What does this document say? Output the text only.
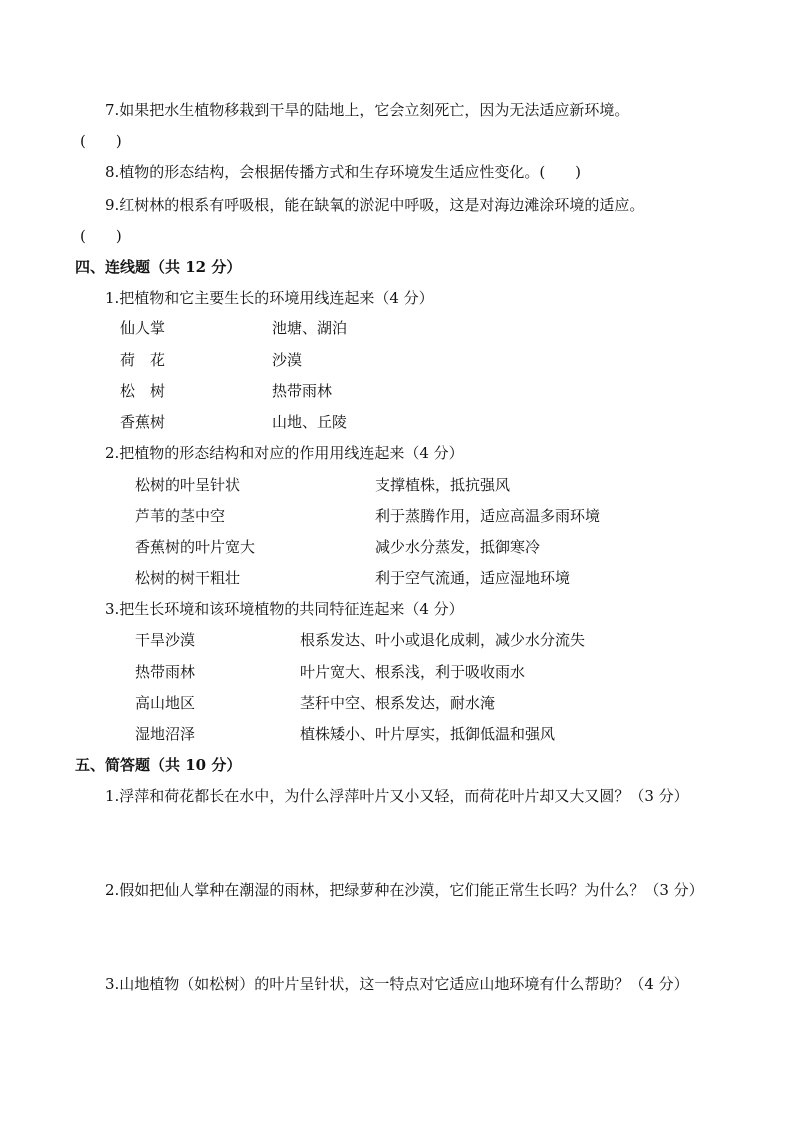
7.如果把水生植物移栽到干旱的陆地上，它会立刻死亡，因为无法适应新环境。
(　　)
8.植物的形态结构，会根据传播方式和生存环境发生适应性变化。(　　)
9.红树林的根系有呼吸根，能在缺氧的淤泥中呼吸，这是对海边滩涂环境的适应。
(　　)
四、连线题（共 12 分）
1.把植物和它主要生长的环境用线连起来（4 分）
仙人掌	池塘、湖泊
荷　花	沙漠
松　树	热带雨林
香蕉树	山地、丘陵
2.把植物的形态结构和对应的作用用线连起来（4 分）
松树的叶呈针状	支撑植株，抵抗强风
芦苇的茎中空	利于蒸腾作用，适应高温多雨环境
香蕉树的叶片宽大	减少水分蒸发，抵御寒冷
松树的树干粗壮	利于空气流通，适应湿地环境
3.把生长环境和该环境植物的共同特征连起来（4 分）
干旱沙漠	根系发达、叶小或退化成刺，减少水分流失
热带雨林	叶片宽大、根系浅，利于吸收雨水
高山地区	茎秆中空、根系发达，耐水淹
湿地沼泽	植株矮小、叶片厚实，抵御低温和强风
五、简答题（共 10 分）
1.浮萍和荷花都长在水中，为什么浮萍叶片又小又轻，而荷花叶片却又大又圆？（3 分）
2.假如把仙人掌种在潮湿的雨林，把绿萝种在沙漠，它们能正常生长吗？为什么？（3 分）
3.山地植物（如松树）的叶片呈针状，这一特点对它适应山地环境有什么帮助？（4 分）
